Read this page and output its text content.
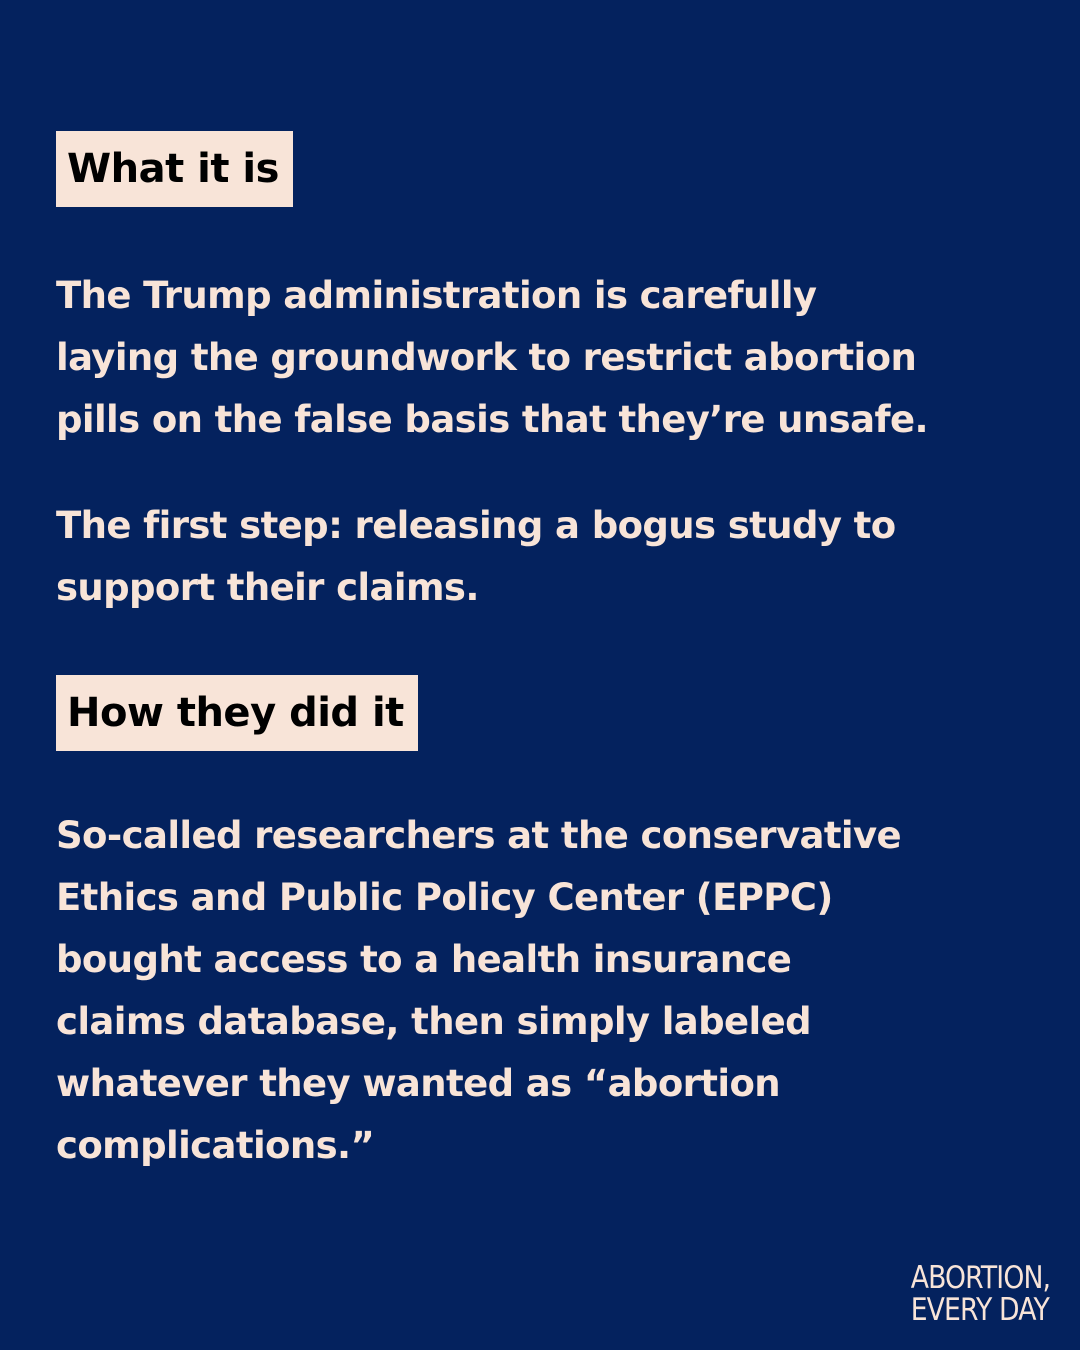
What it is

The Trump administration is carefully
laying the groundwork to restrict abortion
pills on the false basis that they’re unsafe.

The first step: releasing a bogus study to
support their claims.

How they did it

So-called researchers at the conservative
Ethics and Public Policy Center (EPPC)
bought access to a health insurance
claims database, then simply labeled
whatever they wanted as “abortion
complications.”

ABORTION,
EVERY DAY
